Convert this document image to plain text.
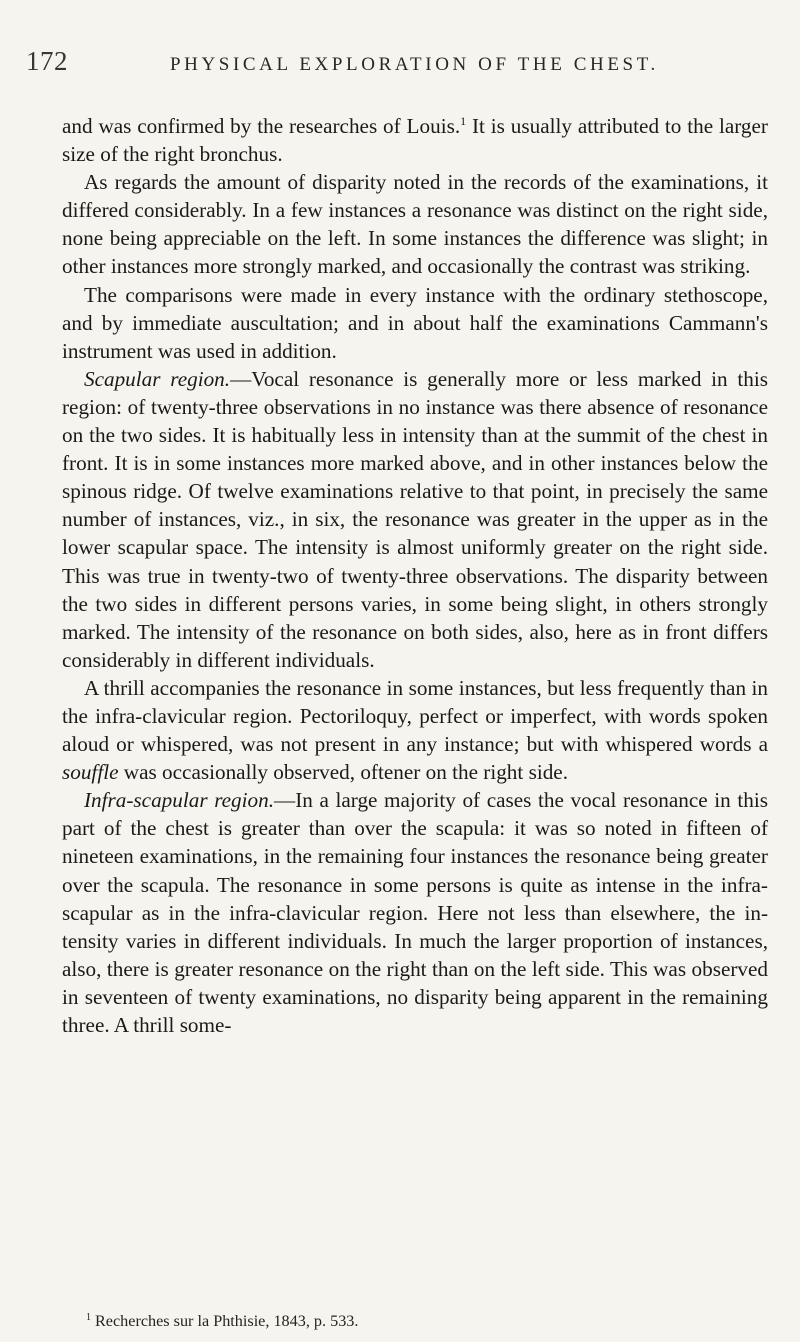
172	PHYSICAL EXPLORATION OF THE CHEST.

and was confirmed by the researches of Louis.$^1$ It is usually attributed to the larger size of the right bronchus.

As regards the amount of disparity noted in the records of the examinations, it differed considerably. In a few instances a resonance was distinct on the right side, none being appreciable on the left. In some instances the difference was slight; in other instances more strongly marked, and occasionally the contrast was striking.

The comparisons were made in every instance with the ordinary stethoscope, and by immediate auscultation; and in about half the examinations Cammann's instrument was used in addition.

Scapular region.—Vocal resonance is generally more or less marked in this region: of twenty-three observations in no instance was there absence of resonance on the two sides. It is habitually less in intensity than at the summit of the chest in front. It is in some instances more marked above, and in other instances below the spinous ridge. Of twelve examinations relative to that point, in precisely the same number of instances, viz., in six, the resonance was greater in the upper as in the lower scapular space. The intensity is almost uniformly greater on the right side. This was true in twenty-two of twenty-three observations. The disparity between the two sides in different persons varies, in some being slight, in others strongly marked. The intensity of the resonance on both sides, also, here as in front differs considerably in different individuals.

A thrill accompanies the resonance in some instances, but less frequently than in the infra-clavicular region. Pectoriloquy, perfect or imperfect, with words spoken aloud or whispered, was not present in any instance; but with whispered words a souffle was occasionally observed, oftener on the right side.

Infra-scapular region.—In a large majority of cases the vocal resonance in this part of the chest is greater than over the scapula: it was so noted in fifteen of nineteen examinations, in the remaining four instances the resonance being greater over the scapula. The resonance in some persons is quite as intense in the infra-scapular as in the infra-clavicular region. Here not less than elsewhere, the intensity varies in different individuals. In much the larger proportion of instances, also, there is greater resonance on the right than on the left side. This was observed in seventeen of twenty examinations, no disparity being apparent in the remaining three. A thrill some-

$^1$ Recherches sur la Phthisie, 1843, p. 533.
